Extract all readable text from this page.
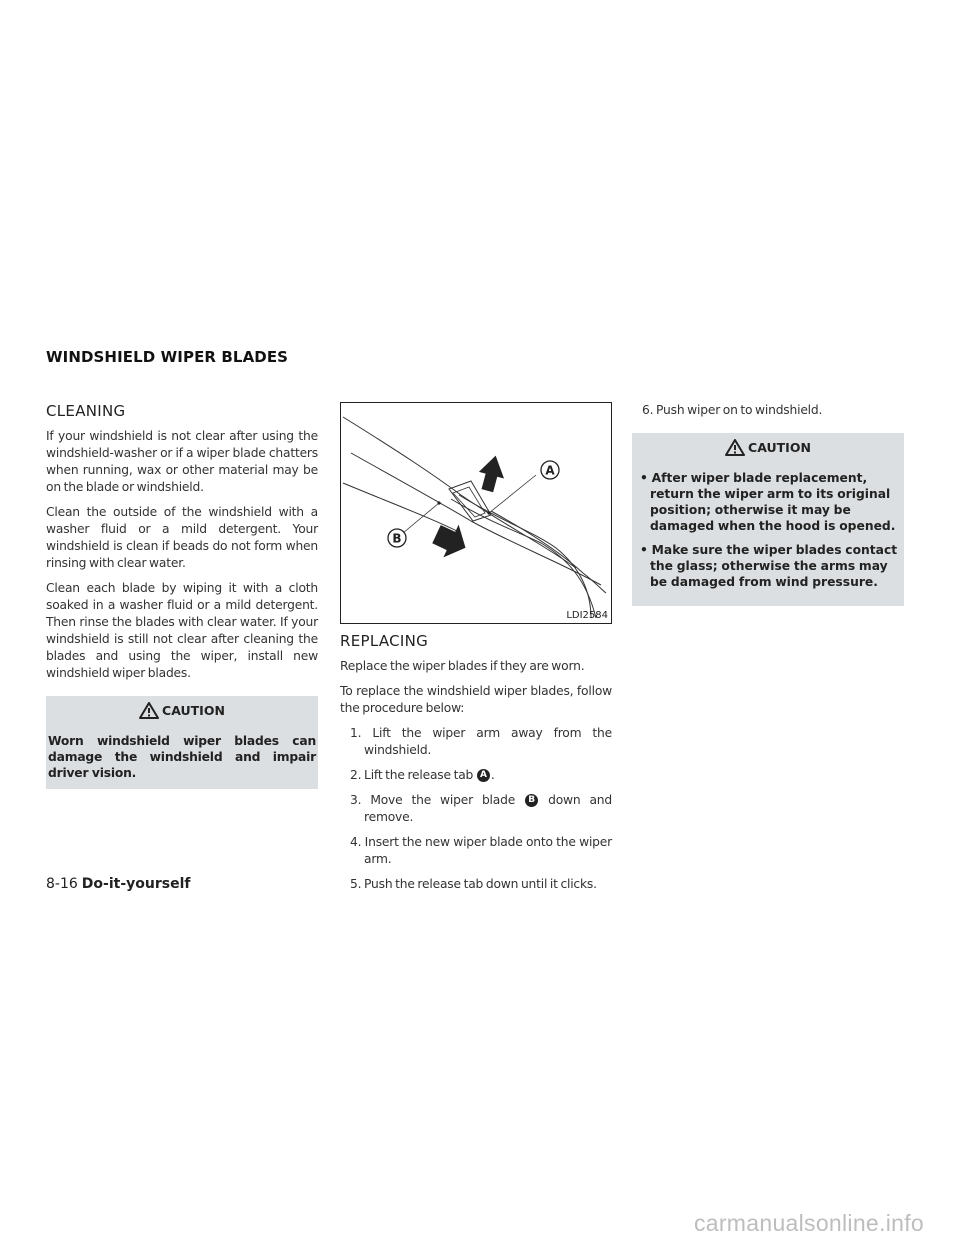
WINDSHIELD WIPER BLADES
CLEANING

If your windshield is not clear after using the windshield-washer or if a wiper blade chatters when running, wax or other material may be on the blade or windshield.

Clean the outside of the windshield with a washer fluid or a mild detergent. Your windshield is clean if beads do not form when rinsing with clear water.

Clean each blade by wiping it with a cloth soaked in a washer fluid or a mild detergent. Then rinse the blades with clear water. If your windshield is still not clear after cleaning the blades and using the wiper, install new windshield wiper blades.

CAUTION

Worn windshield wiper blades can damage the windshield and impair driver vision.

A
B
LDI2584
REPLACING

Replace the wiper blades if they are worn.

To replace the windshield wiper blades, follow the procedure below:

1. Lift the wiper arm away from the windshield.
2. Lift the release tab A .
3. Move the wiper blade B down and remove.
4. Insert the new wiper blade onto the wiper arm.
5. Push the release tab down until it clicks.
6. Push wiper on to windshield.
CAUTION
• After wiper blade replacement, return the wiper arm to its original position; otherwise it may be damaged when the hood is opened.
• Make sure the wiper blades contact the glass; otherwise the arms may be damaged from wind pressure.
8-16 Do-it-yourself
carmanualsonline.info
